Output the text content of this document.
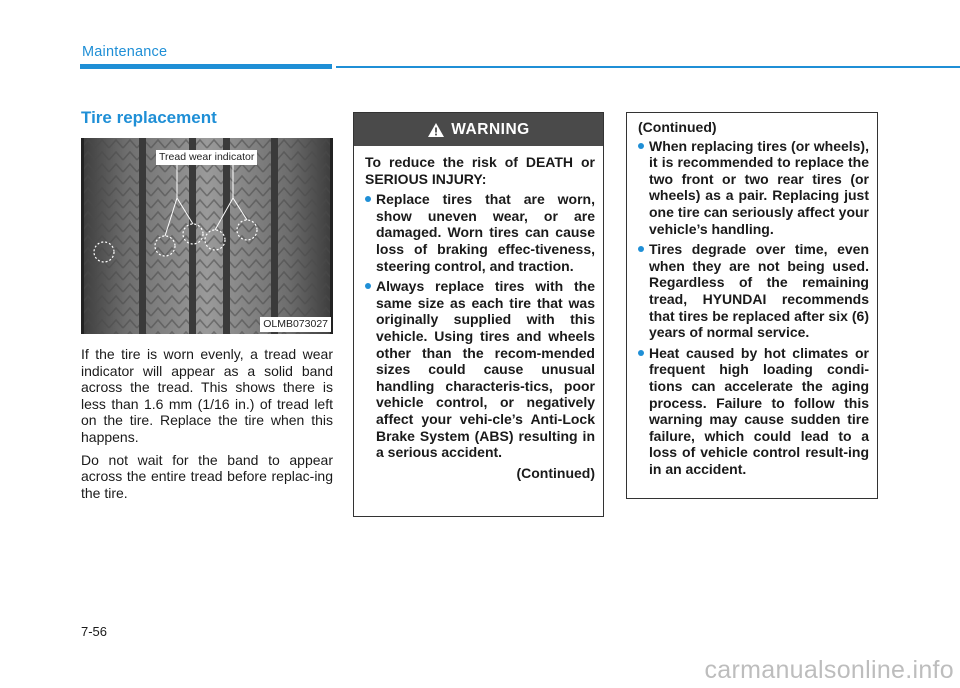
Maintenance
Tire replacement
Tread wear indicator
OLMB073027

If the tire is worn evenly, a tread wear indicator will appear as a solid band across the tread. This shows there is less than 1.6 mm (1/16 in.) of tread left on the tire. Replace the tire when this happens.

Do not wait for the band to appear across the entire tread before replac-ing the tire.

WARNING

To reduce the risk of DEATH or SERIOUS INJURY:

Replace tires that are worn, show uneven wear, or are damaged. Worn tires can cause loss of braking effec-tiveness, steering control, and traction.
Always replace tires with the same size as each tire that was originally supplied with this vehicle. Using tires and wheels other than the recom-mended sizes could cause unusual handling characteris-tics, poor vehicle control, or negatively affect your vehi-cle’s Anti-Lock Brake System (ABS) resulting in a serious accident.
(Continued)

(Continued)

When replacing tires (or wheels), it is recommended to replace the two front or two rear tires (or wheels) as a pair. Replacing just one tire can seriously affect your vehicle’s handling.
Tires degrade over time, even when they are not being used. Regardless of the remaining tread, HYUNDAI recommends that tires be replaced after six (6) years of normal service.
Heat caused by hot climates or frequent high loading condi-tions can accelerate the aging process. Failure to follow this warning may cause sudden tire failure, which could lead to a loss of vehicle control result-ing in an accident.
7-56
carmanualsonline.info
